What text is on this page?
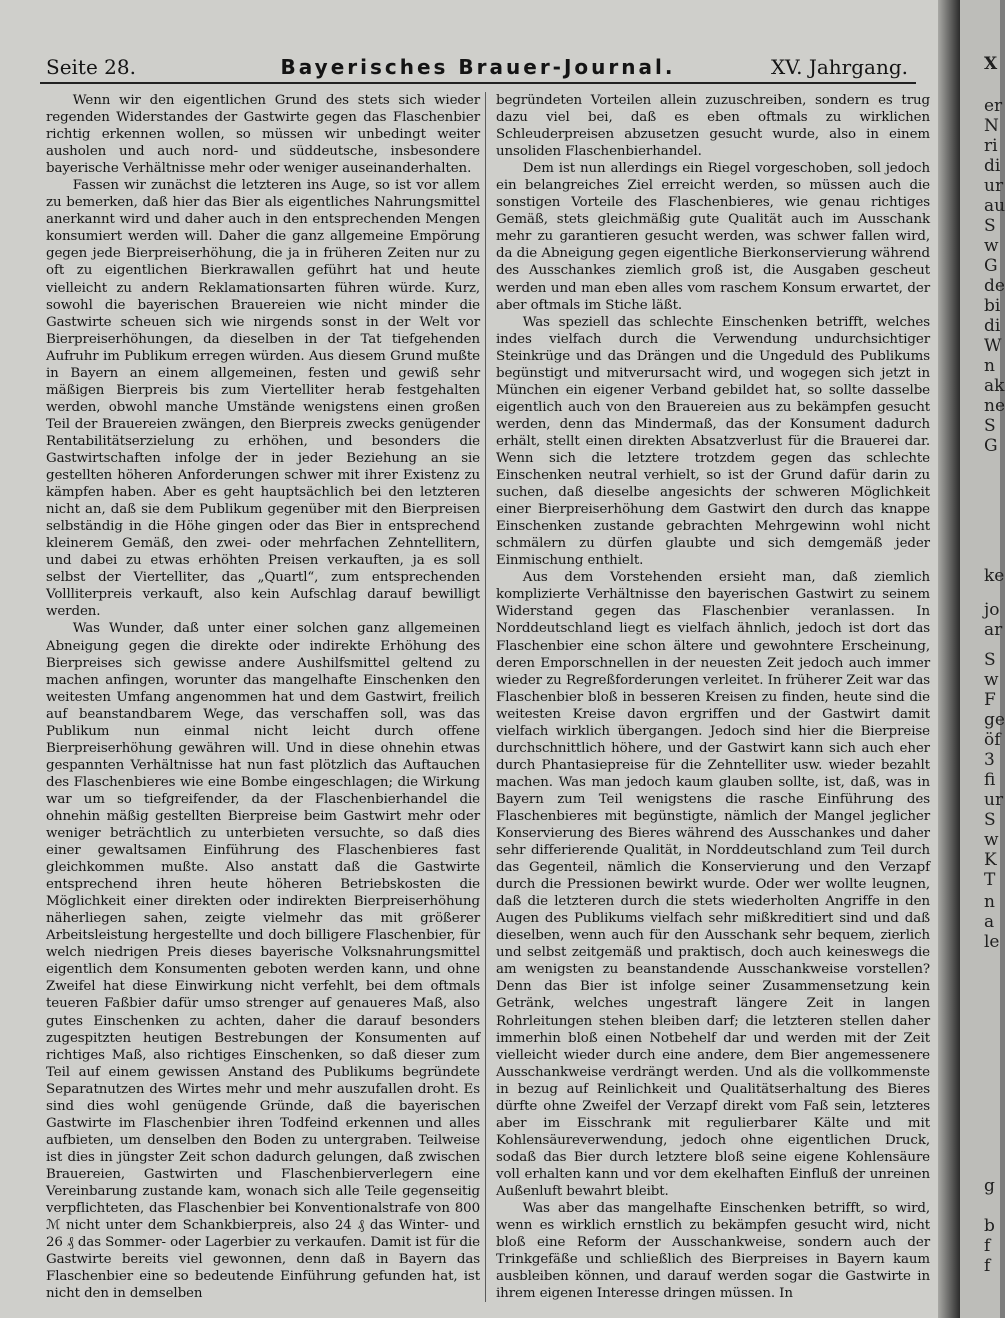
Seite 28.	Bayerisches Brauer-Journal.	XV. Jahrgang.

Wenn wir den eigentlichen Grund des stets sich wieder regenden Widerstandes der Gastwirte gegen das Flaschenbier richtig erkennen wollen, so müssen wir unbedingt weiter ausholen und auch nord- und süddeutsche, insbesondere bayerische Verhältnisse mehr oder weniger auseinanderhalten.

Fassen wir zunächst die letzteren ins Auge, so ist vor allem zu bemerken, daß hier das Bier als eigentliches Nahrungsmittel anerkannt wird und daher auch in den entsprechenden Mengen konsumiert werden will. Daher die ganz allgemeine Empörung gegen jede Bierpreiserhöhung, die ja in früheren Zeiten nur zu oft zu eigentlichen Bierkrawallen geführt hat und heute vielleicht zu andern Reklamationsarten führen würde. Kurz, sowohl die bayerischen Brauereien wie nicht minder die Gastwirte scheuen sich wie nirgends sonst in der Welt vor Bierpreiserhöhungen, da dieselben in der Tat tiefgehenden Aufruhr im Publikum erregen würden. Aus diesem Grund mußte in Bayern an einem allgemeinen, festen und gewiß sehr mäßigen Bierpreis bis zum Viertelliter herab festgehalten werden, obwohl manche Umstände wenigstens einen großen Teil der Brauereien zwängen, den Bierpreis zwecks genügender Rentabilitätserzielung zu erhöhen, und besonders die Gastwirtschaften infolge der in jeder Beziehung an sie gestellten höheren Anforderungen schwer mit ihrer Existenz zu kämpfen haben. Aber es geht hauptsächlich bei den letzteren nicht an, daß sie dem Publikum gegenüber mit den Bierpreisen selbständig in die Höhe gingen oder das Bier in entsprechend kleinerem Gemäß, den zwei- oder mehrfachen Zehntellitern, und dabei zu etwas erhöhten Preisen verkauften, ja es soll selbst der Viertelliter, das „Quartl“, zum entsprechenden Vollliterpreis verkauft, also kein Aufschlag darauf bewilligt werden.

Was Wunder, daß unter einer solchen ganz allgemeinen Abneigung gegen die direkte oder indirekte Erhöhung des Bierpreises sich gewisse andere Aushilfsmittel geltend zu machen anfingen, worunter das mangelhafte Einschenken den weitesten Umfang angenommen hat und dem Gastwirt, freilich auf beanstandbarem Wege, das verschaffen soll, was das Publikum nun einmal nicht leicht durch offene Bierpreiserhöhung gewähren will. Und in diese ohnehin etwas gespannten Verhältnisse hat nun fast plötzlich das Auftauchen des Flaschenbieres wie eine Bombe eingeschlagen; die Wirkung war um so tiefgreifender, da der Flaschenbierhandel die ohnehin mäßig gestellten Bierpreise beim Gastwirt mehr oder weniger beträchtlich zu unterbieten versuchte, so daß dies einer gewaltsamen Einführung des Flaschenbieres fast gleichkommen mußte. Also anstatt daß die Gastwirte entsprechend ihren heute höheren Betriebskosten die Möglichkeit einer direkten oder indirekten Bierpreiserhöhung näherliegen sahen, zeigte vielmehr das mit größerer Arbeitsleistung hergestellte und doch billigere Flaschenbier, für welch niedrigen Preis dieses bayerische Volksnahrungsmittel eigentlich dem Konsumenten geboten werden kann, und ohne Zweifel hat diese Einwirkung nicht verfehlt, bei dem oftmals teueren Faßbier dafür umso strenger auf genaueres Maß, also gutes Einschenken zu achten, daher die darauf besonders zugespitzten heutigen Bestrebungen der Konsumenten auf richtiges Maß, also richtiges Einschenken, so daß dieser zum Teil auf einem gewissen Anstand des Publikums begründete Separatnutzen des Wirtes mehr und mehr auszufallen droht. Es sind dies wohl genügende Gründe, daß die bayerischen Gastwirte im Flaschenbier ihren Todfeind erkennen und alles aufbieten, um denselben den Boden zu untergraben. Teilweise ist dies in jüngster Zeit schon dadurch gelungen, daß zwischen Brauereien, Gastwirten und Flaschenbierverlegern eine Vereinbarung zustande kam, wonach sich alle Teile gegenseitig verpflichteten, das Flaschenbier bei Konventionalstrafe von 800 ℳ nicht unter dem Schankbierpreis, also 24 ₰ das Winter- und 26 ₰ das Sommer- oder Lagerbier zu verkaufen. Damit ist für die Gastwirte bereits viel gewonnen, denn daß in Bayern das Flaschenbier eine so bedeutende Einführung gefunden hat, ist nicht den in demselben

begründeten Vorteilen allein zuzuschreiben, sondern es trug dazu viel bei, daß es eben oftmals zu wirklichen Schleuderpreisen abzusetzen gesucht wurde, also in einem unsoliden Flaschenbierhandel.

Dem ist nun allerdings ein Riegel vorgeschoben, soll jedoch ein belangreiches Ziel erreicht werden, so müssen auch die sonstigen Vorteile des Flaschenbieres, wie genau richtiges Gemäß, stets gleichmäßig gute Qualität auch im Ausschank mehr zu garantieren gesucht werden, was schwer fallen wird, da die Abneigung gegen eigentliche Bierkonservierung während des Ausschankes ziemlich groß ist, die Ausgaben gescheut werden und man eben alles vom raschem Konsum erwartet, der aber oftmals im Stiche läßt.

Was speziell das schlechte Einschenken betrifft, welches indes vielfach durch die Verwendung undurchsichtiger Steinkrüge und das Drängen und die Ungeduld des Publikums begünstigt und mitverursacht wird, und wogegen sich jetzt in München ein eigener Verband gebildet hat, so sollte dasselbe eigentlich auch von den Brauereien aus zu bekämpfen gesucht werden, denn das Mindermaß, das der Konsument dadurch erhält, stellt einen direkten Absatzverlust für die Brauerei dar. Wenn sich die letztere trotzdem gegen das schlechte Einschenken neutral verhielt, so ist der Grund dafür darin zu suchen, daß dieselbe angesichts der schweren Möglichkeit einer Bierpreiserhöhung dem Gastwirt den durch das knappe Einschenken zustande gebrachten Mehrgewinn wohl nicht schmälern zu dürfen glaubte und sich demgemäß jeder Einmischung enthielt.

Aus dem Vorstehenden ersieht man, daß ziemlich komplizierte Verhältnisse den bayerischen Gastwirt zu seinem Widerstand gegen das Flaschenbier veranlassen. In Norddeutschland liegt es vielfach ähnlich, jedoch ist dort das Flaschenbier eine schon ältere und gewohntere Erscheinung, deren Emporschnellen in der neuesten Zeit jedoch auch immer wieder zu Regreßforderungen verleitet. In früherer Zeit war das Flaschenbier bloß in besseren Kreisen zu finden, heute sind die weitesten Kreise davon ergriffen und der Gastwirt damit vielfach wirklich übergangen. Jedoch sind hier die Bierpreise durchschnittlich höhere, und der Gastwirt kann sich auch eher durch Phantasiepreise für die Zehntelliter usw. wieder bezahlt machen. Was man jedoch kaum glauben sollte, ist, daß, was in Bayern zum Teil wenigstens die rasche Einführung des Flaschenbieres mit begünstigte, nämlich der Mangel jeglicher Konservierung des Bieres während des Ausschankes und daher sehr differierende Qualität, in Norddeutschland zum Teil durch das Gegenteil, nämlich die Konservierung und den Verzapf durch die Pressionen bewirkt wurde. Oder wer wollte leugnen, daß die letzteren durch die stets wiederholten Angriffe in den Augen des Publikums vielfach sehr mißkreditiert sind und daß dieselben, wenn auch für den Ausschank sehr bequem, zierlich und selbst zeitgemäß und praktisch, doch auch keineswegs die am wenigsten zu beanstandende Ausschankweise vorstellen? Denn das Bier ist infolge seiner Zusammensetzung kein Getränk, welches ungestraft längere Zeit in langen Rohrleitungen stehen bleiben darf; die letzteren stellen daher immerhin bloß einen Notbehelf dar und werden mit der Zeit vielleicht wieder durch eine andere, dem Bier angemessenere Ausschankweise verdrängt werden. Und als die vollkommenste in bezug auf Reinlichkeit und Qualitätserhaltung des Bieres dürfte ohne Zweifel der Verzapf direkt vom Faß sein, letzteres aber im Eisschrank mit regulierbarer Kälte und mit Kohlensäureverwendung, jedoch ohne eigentlichen Druck, sodaß das Bier durch letztere bloß seine eigene Kohlensäure voll erhalten kann und vor dem ekelhaften Einfluß der unreinen Außenluft bewahrt bleibt.

Was aber das mangelhafte Einschenken betrifft, so wird, wenn es wirklich ernstlich zu bekämpfen gesucht wird, nicht bloß eine Reform der Ausschankweise, sondern auch der Trinkgefäße und schließlich des Bierpreises in Bayern kaum ausbleiben können, und darauf werden sogar die Gastwirte in ihrem eigenen Interesse dringen müssen. In

X
er
N
ri
di
ur
au
S
w
G
de
bi
di
W
n
ak
ne
S
G
ke
jo
ar
S
w
F
ge
öf
3
fi
ur
S
w
K
T
n
a
le
g
b
f
f
